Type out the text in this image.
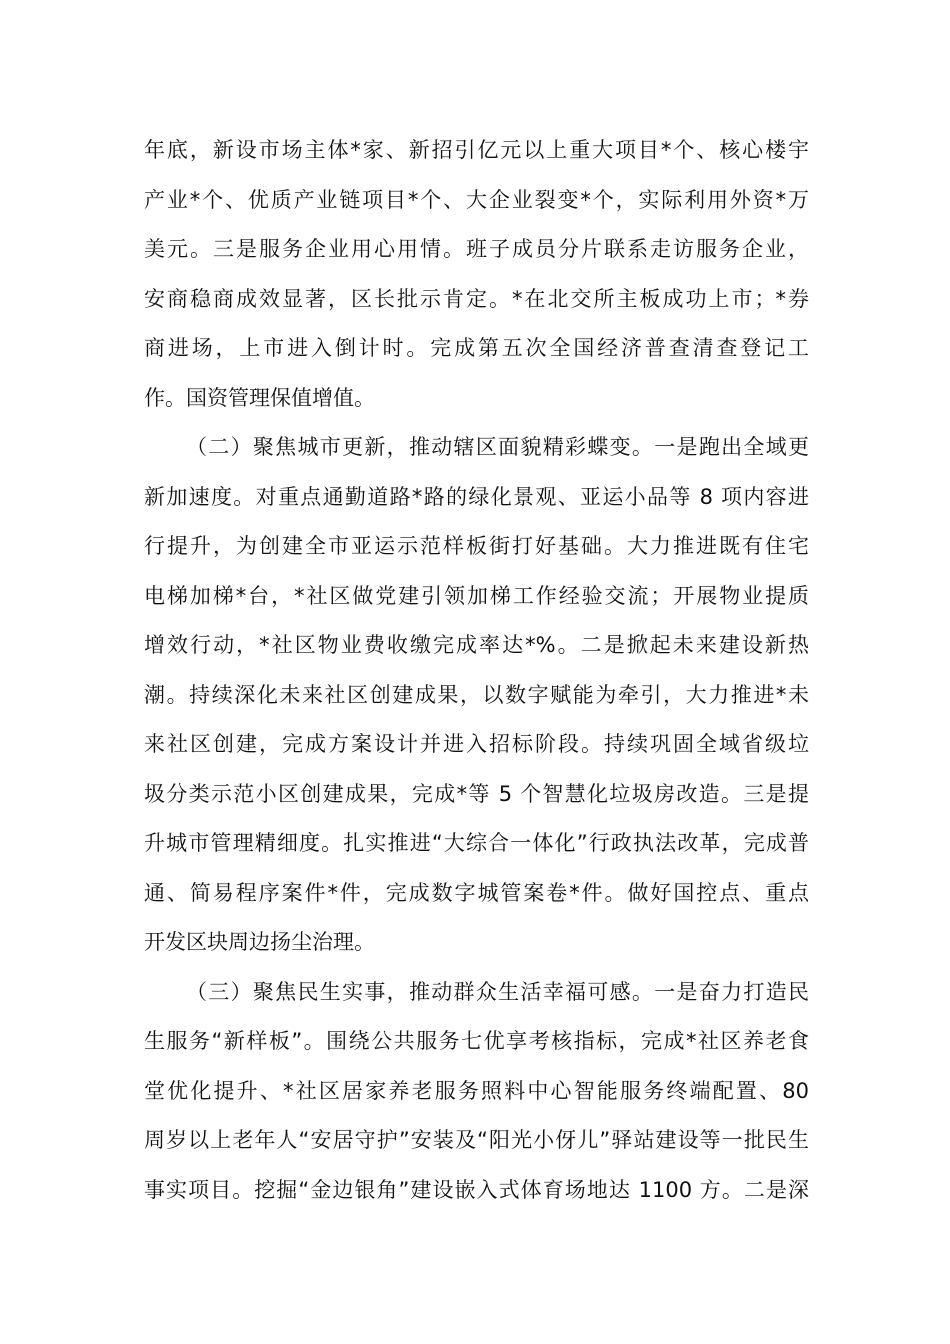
年底，新设市场主体*家、新招引亿元以上重大项目*个、核心楼宇
产业*个、优质产业链项目*个、大企业裂变*个，实际利用外资*万
美元。三是服务企业用心用情。班子成员分片联系走访服务企业，
安商稳商成效显著，区长批示肯定。*在北交所主板成功上市；*券
商进场，上市进入倒计时。完成第五次全国经济普查清查登记工
作。国资管理保值增值。
（二）聚焦城市更新，推动辖区面貌精彩蝶变。一是跑出全域更
新加速度。对重点通勤道路*路的绿化景观、亚运小品等 8 项内容进
行提升，为创建全市亚运示范样板街打好基础。大力推进既有住宅
电梯加梯*台，*社区做党建引领加梯工作经验交流；开展物业提质
增效行动，*社区物业费收缴完成率达*%。二是掀起未来建设新热
潮。持续深化未来社区创建成果，以数字赋能为牵引，大力推进*未
来社区创建，完成方案设计并进入招标阶段。持续巩固全域省级垃
圾分类示范小区创建成果，完成*等 5 个智慧化垃圾房改造。三是提
升城市管理精细度。扎实推进“大综合一体化”行政执法改革，完成普
通、简易程序案件*件，完成数字城管案卷*件。做好国控点、重点
开发区块周边扬尘治理。
（三）聚焦民生实事，推动群众生活幸福可感。一是奋力打造民
生服务“新样板”。围绕公共服务七优享考核指标，完成*社区养老食
堂优化提升、*社区居家养老服务照料中心智能服务终端配置、80
周岁以上老年人“安居守护”安装及“阳光小伢儿”驿站建设等一批民生
事实项目。挖掘“金边银角”建设嵌入式体育场地达 1100 方。二是深
